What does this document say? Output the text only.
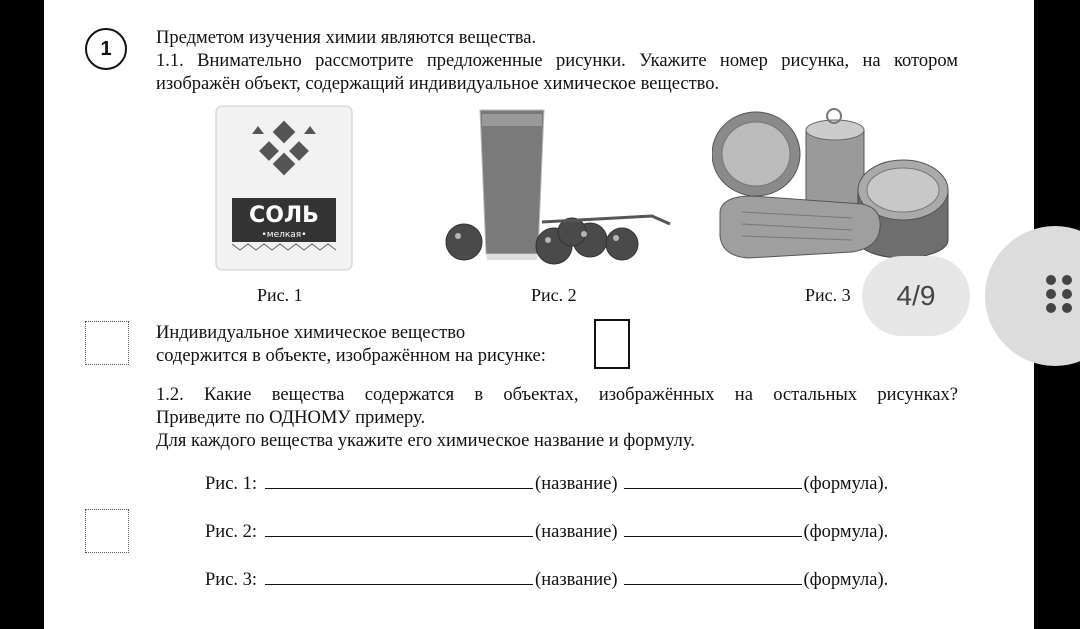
1	Предметом изучения химии являются вещества.
1.1. Внимательно рассмотрите предложенные рисунки. Укажите номер рисунка, на котором
изображён объект, содержащий индивидуальное химическое вещество.
СОЛЬ
•мелкая•
Рис. 1	Рис. 2	Рис. 3
Индивидуальное химическое вещество
содержится в объекте, изображённом на рисунке:
1.2. Какие вещества содержатся в объектах, изображённых на остальных рисунках?
Приведите по ОДНОМУ примеру.
Для каждого вещества укажите его химическое название и формулу.
Рис. 1:	(название)	(формула).
Рис. 2:	(название)	(формула).
Рис. 3:	(название)	(формула).
4/9
